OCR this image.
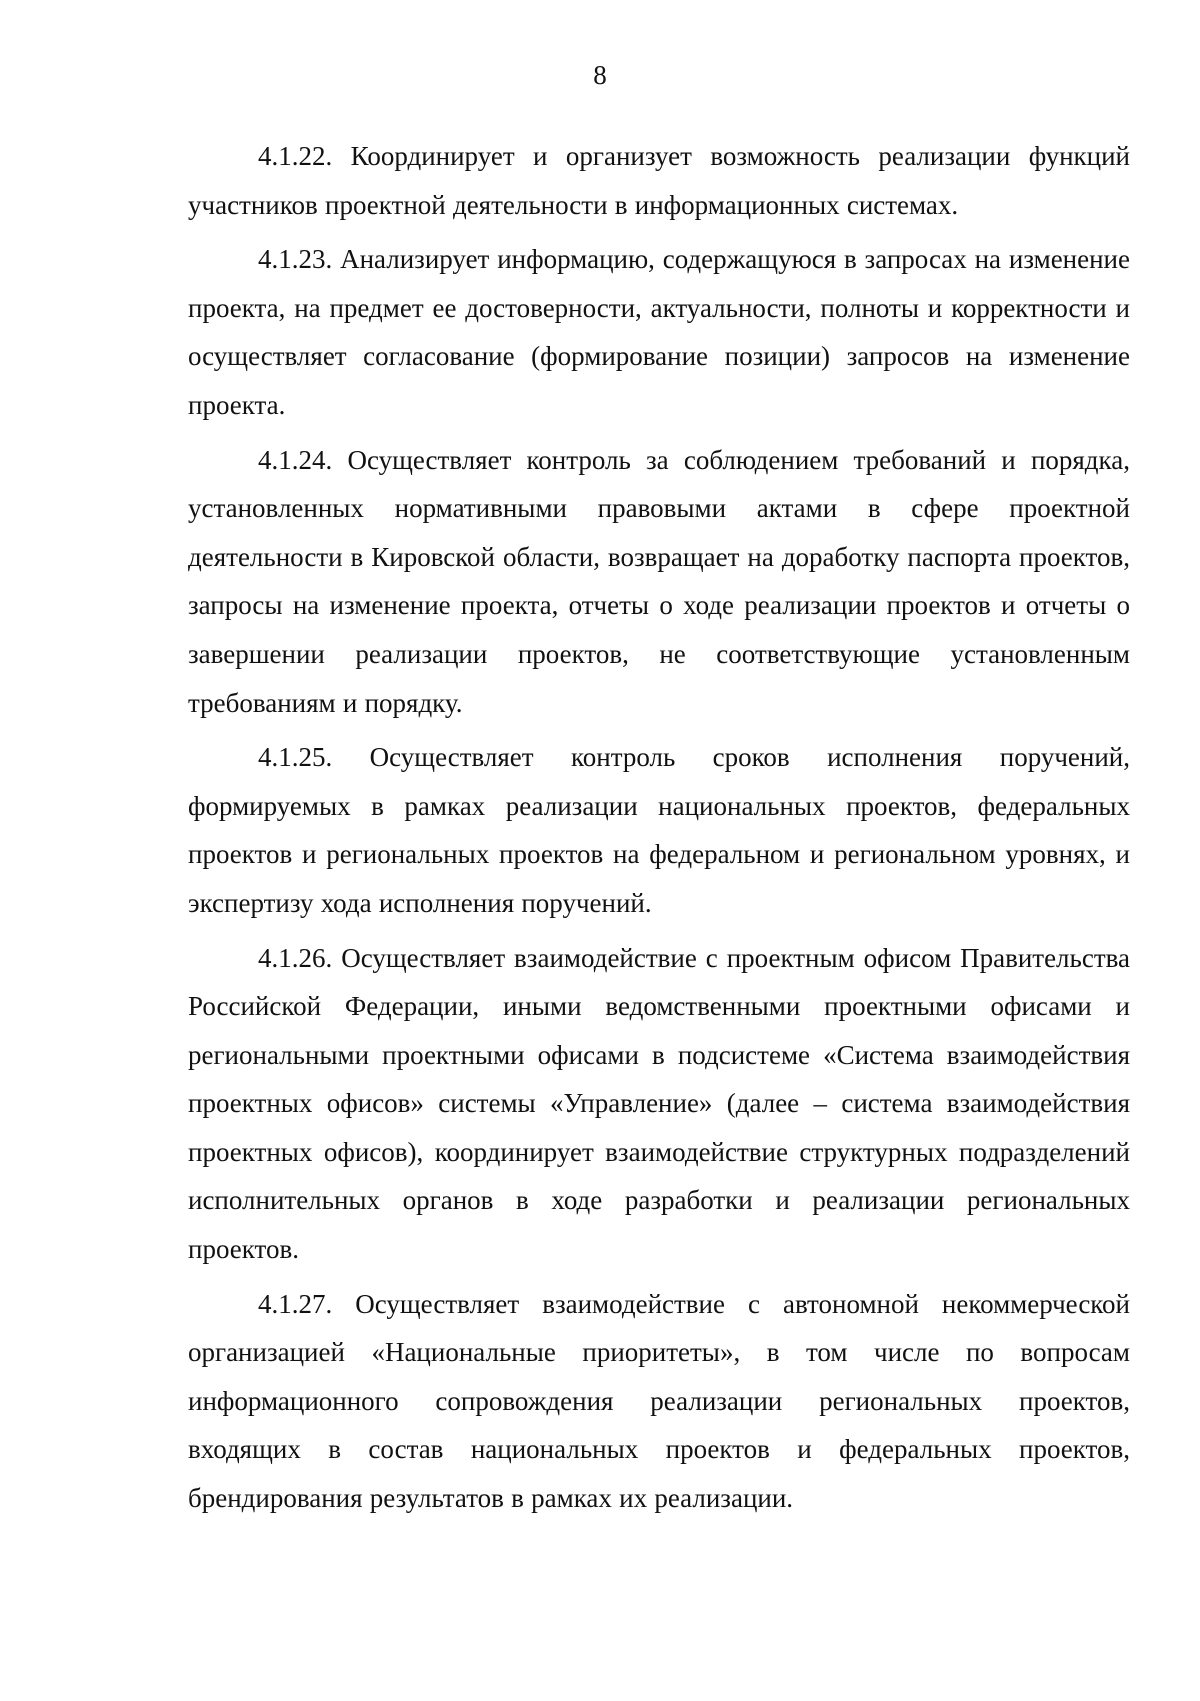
8

4.1.22. Координирует и организует возможность реализации функций участников проектной деятельности в информационных системах.

4.1.23. Анализирует информацию, содержащуюся в запросах на изменение проекта, на предмет ее достоверности, актуальности, полноты и корректности и осуществляет согласование (формирование позиции) запросов на изменение проекта.

4.1.24. Осуществляет контроль за соблюдением требований и порядка, установленных нормативными правовыми актами в сфере проектной деятельности в Кировской области, возвращает на доработку паспорта проектов, запросы на изменение проекта, отчеты о ходе реализации проектов и отчеты о завершении реализации проектов, не соответствующие установленным требованиям и порядку.

4.1.25. Осуществляет контроль сроков исполнения поручений, формируемых в рамках реализации национальных проектов, федеральных проектов и региональных проектов на федеральном и региональном уровнях, и экспертизу хода исполнения поручений.

4.1.26. Осуществляет взаимодействие с проектным офисом Правительства Российской Федерации, иными ведомственными проектными офисами и региональными проектными офисами в подсистеме «Система взаимодействия проектных офисов» системы «Управление» (далее – система взаимодействия проектных офисов), координирует взаимодействие структурных подразделений исполнительных органов в ходе разработки и реализации региональных проектов.

4.1.27. Осуществляет взаимодействие с автономной некоммерческой организацией «Национальные приоритеты», в том числе по вопросам информационного сопровождения реализации региональных проектов, входящих в состав национальных проектов и федеральных проектов, брендирования результатов в рамках их реализации.
